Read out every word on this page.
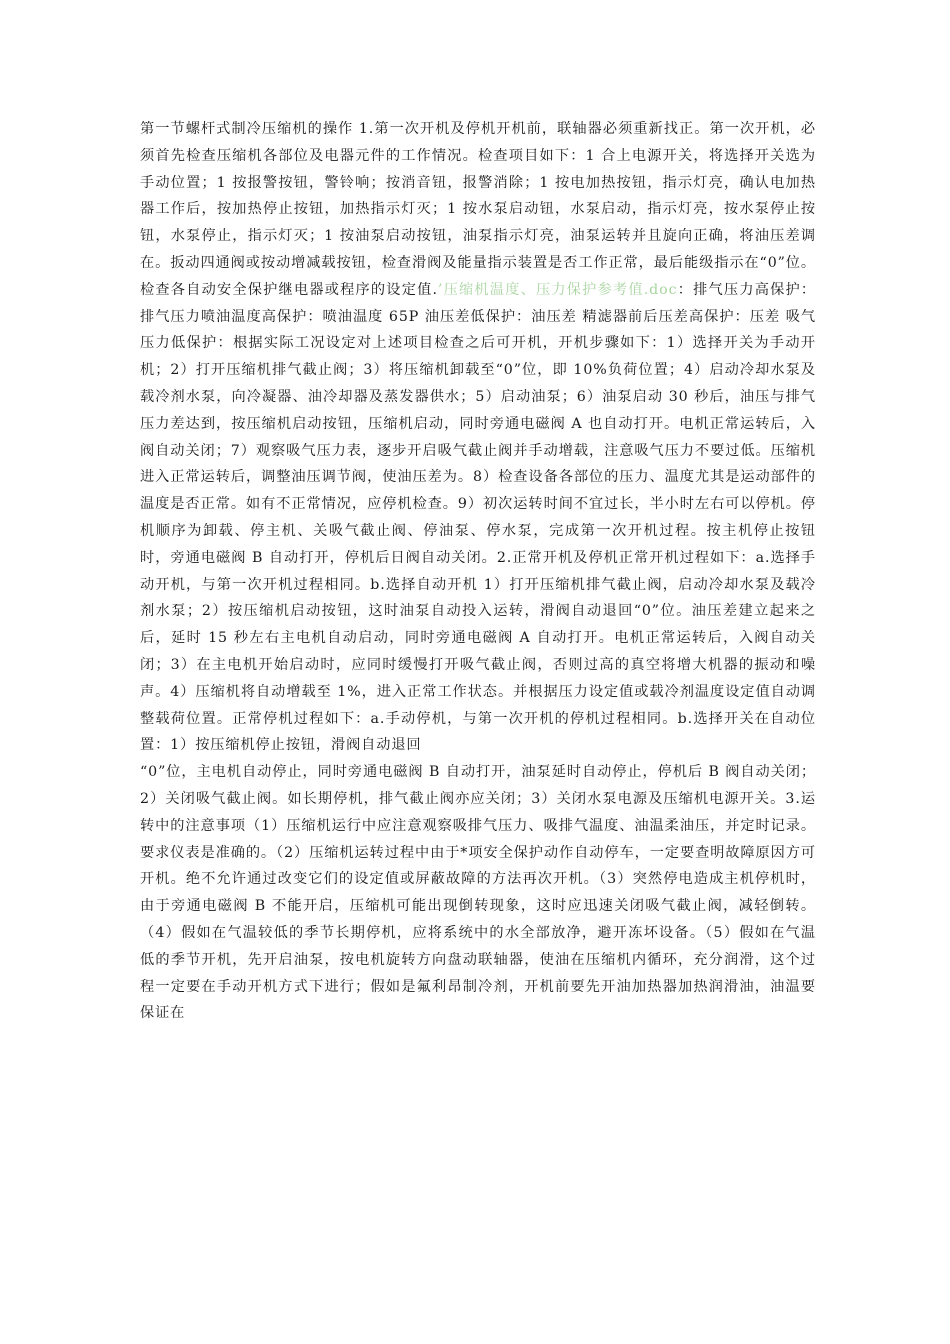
第一节螺杆式制冷压缩机的操作 1.第一次开机及停机开机前，联轴器必须重新找正。第一次开机，必须首先检查压缩机各部位及电器元件的工作情况。检查项目如下：1 合上电源开关，将选择开关选为手动位置；1 按报警按钮，警铃响；按消音钮，报警消除；1 按电加热按钮，指示灯亮，确认电加热器工作后，按加热停止按钮，加热指示灯灭；1 按水泵启动钮，水泵启动，指示灯亮，按水泵停止按钮，水泵停止，指示灯灭；1 按油泵启动按钮，油泵指示灯亮，油泵运转并且旋向正确，将油压差调在。扳动四通阀或按动增减载按钮，检查滑阀及能量指示装置是否工作正常，最后能级指示在“0”位。检查各自动安全保护继电器或程序的设定值.’压缩机温度、压力保护参考值.doc：排气压力高保护：排气压力喷油温度高保护：喷油温度 65P 油压差低保护：油压差 精滤器前后压差高保护：压差 吸气压力低保护：根据实际工况设定对上述项目检查之后可开机，开机步骤如下：1）选择开关为手动开机；2）打开压缩机排气截止阀；3）将压缩机卸载至“0”位，即 10%负荷位置；4）启动冷却水泵及载冷剂水泵，向冷凝器、油冷却器及蒸发器供水；5）启动油泵；6）油泵启动 30 秒后，油压与排气压力差达到，按压缩机启动按钮，压缩机启动，同时旁通电磁阀 A 也自动打开。电机正常运转后，入阀自动关闭；7）观察吸气压力表，逐步开启吸气截止阀并手动增载，注意吸气压力不要过低。压缩机进入正常运转后，调整油压调节阀，使油压差为。8）检查设备各部位的压力、温度尤其是运动部件的温度是否正常。如有不正常情况，应停机检查。9）初次运转时间不宜过长，半小时左右可以停机。停机顺序为卸载、停主机、关吸气截止阀、停油泵、停水泵，完成第一次开机过程。按主机停止按钮时，旁通电磁阀 B 自动打开，停机后日阀自动关闭。2.正常开机及停机正常开机过程如下：a.选择手动开机，与第一次开机过程相同。b.选择自动开机 1）打开压缩机排气截止阀，启动冷却水泵及载冷剂水泵；2）按压缩机启动按钮，这时油泵自动投入运转，滑阀自动退回“0”位。油压差建立起来之后，延时 15 秒左右主电机自动启动，同时旁通电磁阀 A 自动打开。电机正常运转后，入阀自动关闭；3）在主电机开始启动时，应同时缓慢打开吸气截止阀，否则过高的真空将增大机器的振动和噪声。4）压缩机将自动增载至 1%，进入正常工作状态。并根据压力设定值或载冷剂温度设定值自动调整载荷位置。正常停机过程如下：a.手动停机，与第一次开机的停机过程相同。b.选择开关在自动位置：1）按压缩机停止按钮，滑阀自动退回

“0”位，主电机自动停止，同时旁通电磁阀 B 自动打开，油泵延时自动停止，停机后 B 阀自动关闭；2）关闭吸气截止阀。如长期停机，排气截止阀亦应关闭；3）关闭水泵电源及压缩机电源开关。3.运转中的注意事项（1）压缩机运行中应注意观察吸排气压力、吸排气温度、油温柔油压，并定时记录。要求仪表是准确的。（2）压缩机运转过程中由于*项安全保护动作自动停车，一定要查明故障原因方可开机。绝不允许通过改变它们的设定值或屏蔽故障的方法再次开机。（3）突然停电造成主机停机时，由于旁通电磁阀 B 不能开启，压缩机可能出现倒转现象，这时应迅速关闭吸气截止阀，减轻倒转。（4）假如在气温较低的季节长期停机，应将系统中的水全部放净，避开冻坏设备。（5）假如在气温低的季节开机，先开启油泵，按电机旋转方向盘动联轴器，使油在压缩机内循环，充分润滑，这个过程一定要在手动开机方式下进行；假如是氟利昂制冷剂，开机前要先开油加热器加热润滑油，油温要保证在
